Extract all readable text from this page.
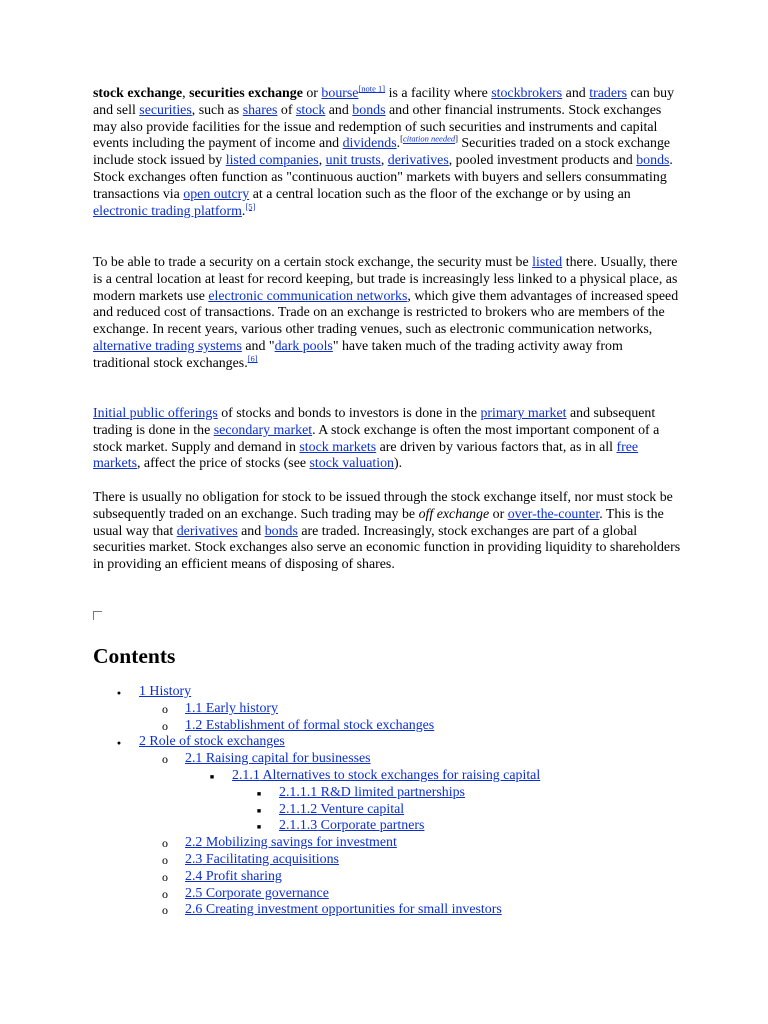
stock exchange, securities exchange or bourse[note 1] is a facility where stockbrokers and traders can buy and sell securities, such as shares of stock and bonds and other financial instruments. Stock exchanges may also provide facilities for the issue and redemption of such securities and instruments and capital events including the payment of income and dividends.[citation needed] Securities traded on a stock exchange include stock issued by listed companies, unit trusts, derivatives, pooled investment products and bonds. Stock exchanges often function as "continuous auction" markets with buyers and sellers consummating transactions via open outcry at a central location such as the floor of the exchange or by using an electronic trading platform.[5]

To be able to trade a security on a certain stock exchange, the security must be listed there. Usually, there is a central location at least for record keeping, but trade is increasingly less linked to a physical place, as modern markets use electronic communication networks, which give them advantages of increased speed and reduced cost of transactions. Trade on an exchange is restricted to brokers who are members of the exchange. In recent years, various other trading venues, such as electronic communication networks, alternative trading systems and "dark pools" have taken much of the trading activity away from traditional stock exchanges.[6]

Initial public offerings of stocks and bonds to investors is done in the primary market and subsequent trading is done in the secondary market. A stock exchange is often the most important component of a stock market. Supply and demand in stock markets are driven by various factors that, as in all free markets, affect the price of stocks (see stock valuation).

There is usually no obligation for stock to be issued through the stock exchange itself, nor must stock be subsequently traded on an exchange. Such trading may be off exchange or over-the-counter. This is the usual way that derivatives and bonds are traded. Increasingly, stock exchanges are part of a global securities market. Stock exchanges also serve an economic function in providing liquidity to shareholders in providing an efficient means of disposing of shares.

Contents
●
1 History
o
1.1 Early history
o
1.2 Establishment of formal stock exchanges
●
2 Role of stock exchanges
o
2.1 Raising capital for businesses
■
2.1.1 Alternatives to stock exchanges for raising capital
■
2.1.1.1 R&D limited partnerships
■
2.1.1.2 Venture capital
■
2.1.1.3 Corporate partners
o
2.2 Mobilizing savings for investment
o
2.3 Facilitating acquisitions
o
2.4 Profit sharing
o
2.5 Corporate governance
o
2.6 Creating investment opportunities for small investors
